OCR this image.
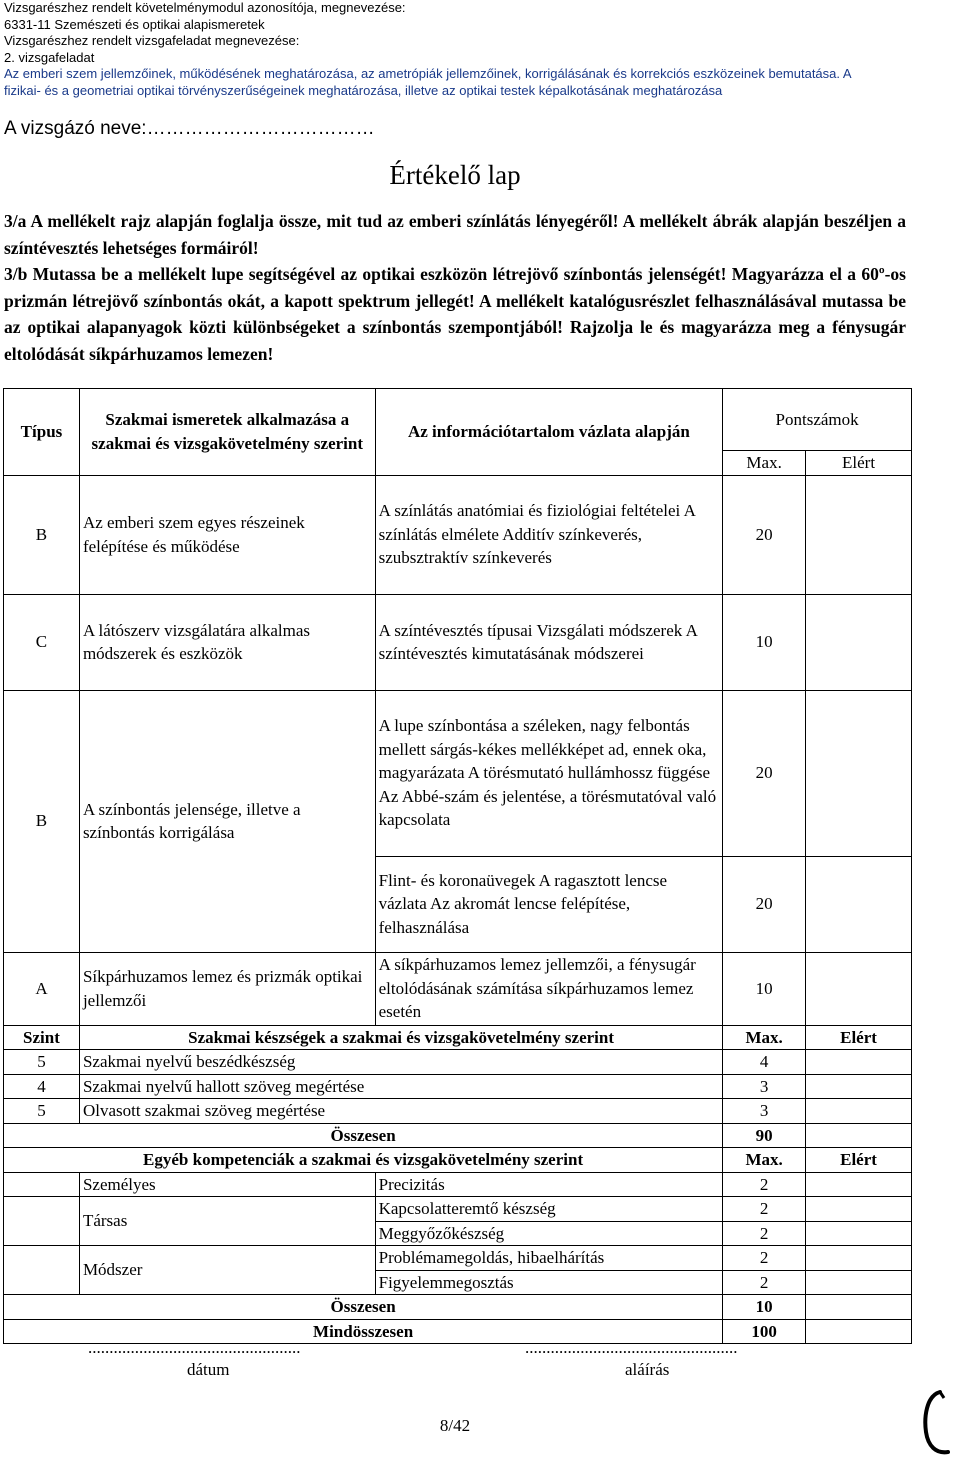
Vizsgarészhez rendelt követelménymodul azonosítója, megnevezése:
6331-11 Szemészeti és optikai alapismeretek
Vizsgarészhez rendelt vizsgafeladat megnevezése:
2. vizsgafeladat
Az emberi szem jellemzőinek, működésének meghatározása, az ametrópiák jellemzőinek, korrigálásának és korrekciós eszközeinek bemutatása. A
fizikai- és a geometriai optikai törvényszerűségeinek meghatározása, illetve az optikai testek képalkotásának meghatározása
A vizsgázó neve:………………………………
Értékelő lap

3/a A mellékelt rajz alapján foglalja össze, mit tud az emberi színlátás lényegéről! A mellékelt ábrák alapján beszéljen a színtévesztés lehetséges formáiról!

3/b Mutassa be a mellékelt lupe segítségével az optikai eszközön létrejövő színbontás jelenségét! Magyarázza el a 60º-os prizmán létrejövő színbontás okát, a kapott spektrum jellegét! A mellékelt katalógusrészlet felhasználásával mutassa be az optikai alapanyagok közti különbségeket a színbontás szempontjából! Rajzolja le és magyarázza meg a fénysugár eltolódását síkpárhuzamos lemezen!

Típus	Szakmai ismeretek alkalmazása a szakmai és vizsgakövetelmény szerint	Az információtartalom vázlata alapján	Pontszámok	
			Max.	Elért
B	Az emberi szem egyes részeinek felépítése és működése	A színlátás anatómiai és fiziológiai feltételei A színlátás elmélete Additív színkeverés, szubsztraktív színkeverés	20	
C	A látószerv vizsgálatára alkalmas módszerek és eszközök	A színtévesztés típusai Vizsgálati módszerek A színtévesztés kimutatásának módszerei	10	
B	A színbontás jelensége, illetve a színbontás korrigálása	A lupe színbontása a széleken, nagy felbontás mellett sárgás-kékes mellékképet ad, ennek oka, magyarázata A törésmutató hullámhossz függése Az Abbé-szám és jelentése, a törésmutatóval való kapcsolata	20	
		Flint- és koronaüvegek A ragasztott lencse vázlata Az akromát lencse felépítése, felhasználása	20	
A	Síkpárhuzamos lemez és prizmák optikai jellemzői	A síkpárhuzamos lemez jellemzői, a fénysugár eltolódásának számítása síkpárhuzamos lemez esetén	10	
Szint	Szakmai készségek a szakmai és vizsgakövetelmény szerint		Max.	Elért
5	Szakmai nyelvű beszédkészség		4	
4	Szakmai nyelvű hallott szöveg megértése		3	
5	Olvasott szakmai szöveg megértése		3	
Összesen			90	
Egyéb kompetenciák a szakmai és vizsgakövetelmény szerint			Max.	Elért
	Személyes	Precizitás	2	
	Társas	Kapcsolatteremtő készség	2	
		Meggyőzőkészség	2	
	Módszer	Problémamegoldás, hibaelhárítás	2	
		Figyelemmegosztás	2	
Összesen			10	
Mindösszesen			100	
..................................................
dátum
..................................................
aláírás
8/42
